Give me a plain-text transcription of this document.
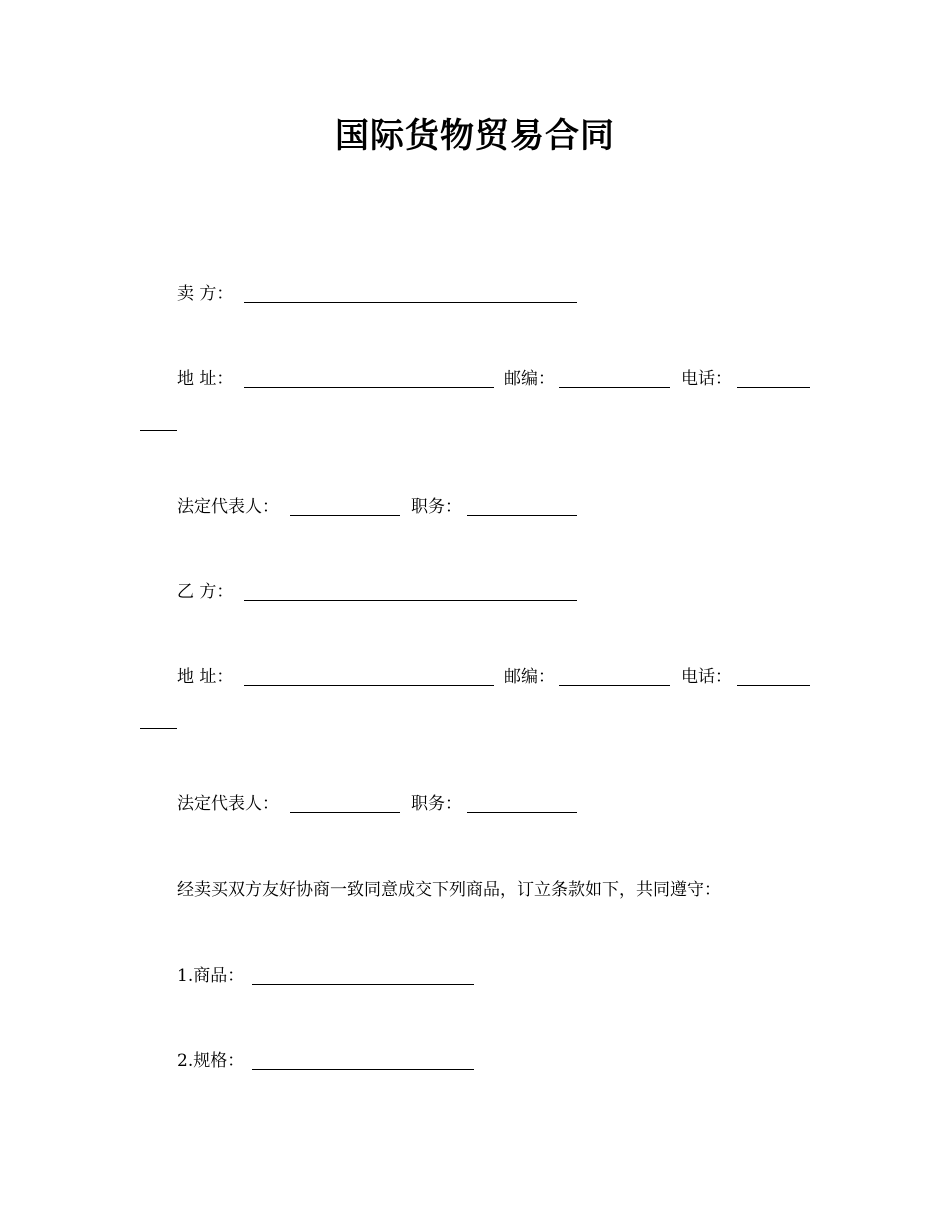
国际货物贸易合同
卖 方：
地 址：	邮编：	电话：
法定代表人：	职务：
乙 方：
地 址：	邮编：	电话：
法定代表人：	职务：
经卖买双方友好协商一致同意成交下列商品，订立条款如下，共同遵守：
1.商品：
2.规格：
